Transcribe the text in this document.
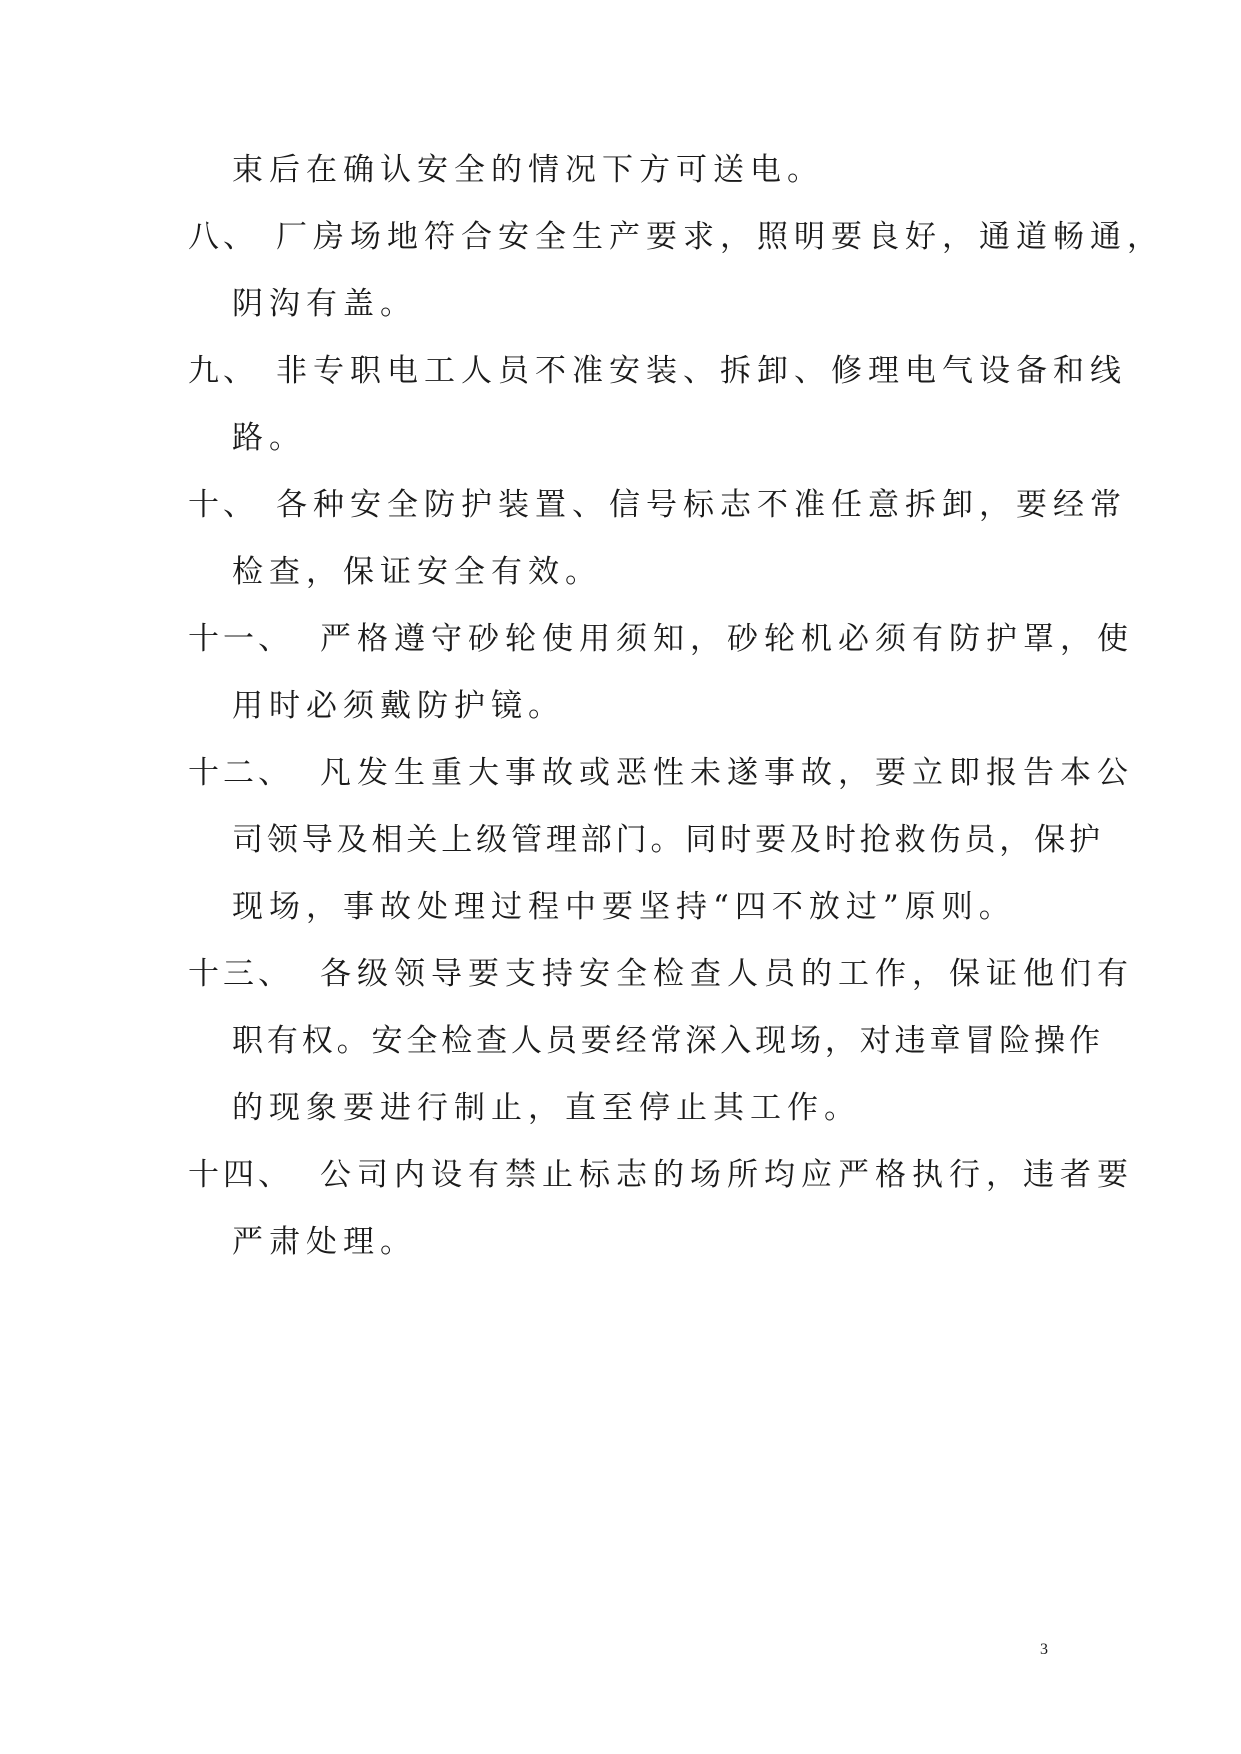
束后在确认安全的情况下方可送电。
八、 厂房场地符合安全生产要求，照明要良好，通道畅通，
阴沟有盖。
九、 非专职电工人员不准安装、拆卸、修理电气设备和线
路。
十、 各种安全防护装置、信号标志不准任意拆卸，要经常
检查，保证安全有效。
十一、 严格遵守砂轮使用须知，砂轮机必须有防护罩，使
用时必须戴防护镜。
十二、 凡发生重大事故或恶性未遂事故，要立即报告本公
司领导及相关上级管理部门。同时要及时抢救伤员，保护
现场，事故处理过程中要坚持“四不放过”原则。
十三、 各级领导要支持安全检查人员的工作，保证他们有
职有权。安全检查人员要经常深入现场，对违章冒险操作
的现象要进行制止，直至停止其工作。
十四、 公司内设有禁止标志的场所均应严格执行，违者要
严肃处理。
3
